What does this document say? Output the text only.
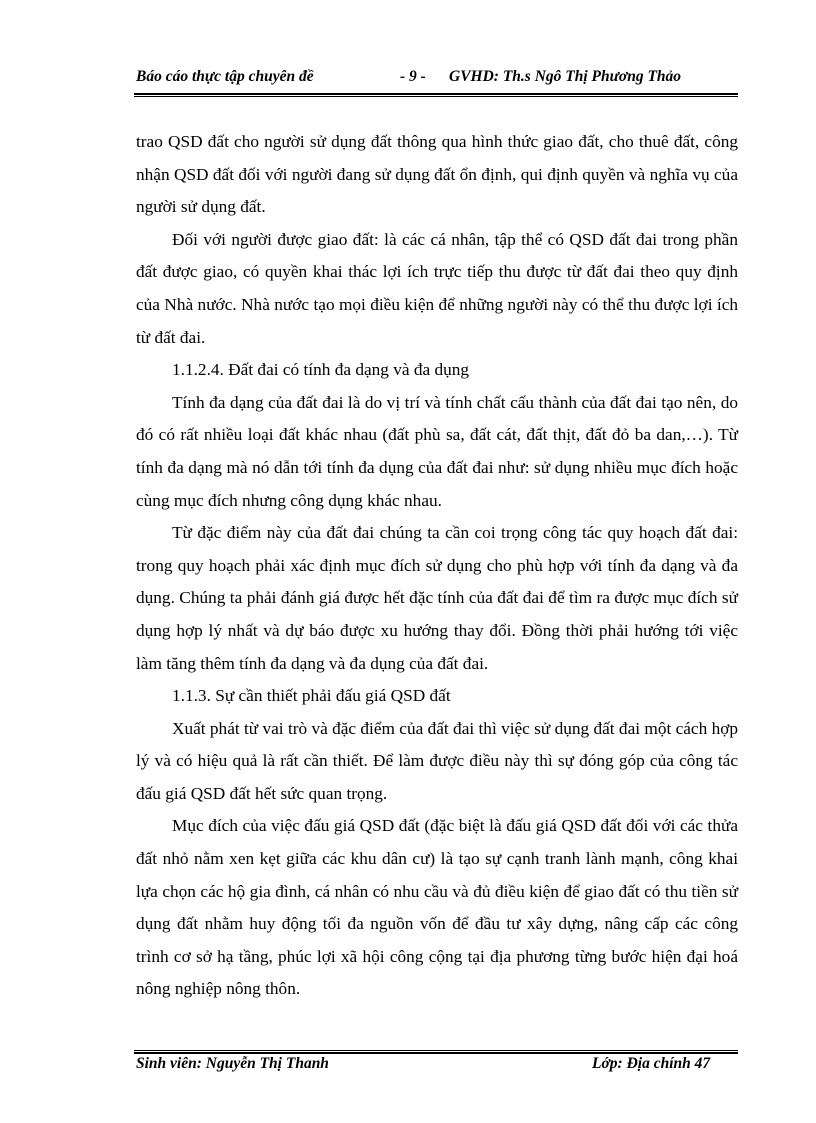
Báo cáo thực tập chuyên đề	- 9 - GVHD: Th.s Ngô Thị Phương Thảo

trao QSD đất cho người sử dụng đất thông qua hình thức giao đất, cho thuê đất, công nhận QSD đất đối với người đang sử dụng đất ổn định, qui định quyền và nghĩa vụ của người sử dụng đất.

Đối với người được giao đất: là các cá nhân, tập thể có QSD đất đai trong phần đất được giao, có quyền khai thác lợi ích trực tiếp thu được từ đất đai theo quy định của Nhà nước. Nhà nước tạo mọi điều kiện để những người này có thể thu được lợi ích từ đất đai.

1.1.2.4. Đất đai có tính đa dạng và đa dụng

Tính đa dạng của đất đai là do vị trí và tính chất cấu thành của đất đai tạo nên, do đó có rất nhiều loại đất khác nhau (đất phù sa, đất cát, đất thịt, đất đỏ ba dan,…). Từ tính đa dạng mà nó dẫn tới tính đa dụng của đất đai như: sử dụng nhiều mục đích hoặc cùng mục đích nhưng công dụng khác nhau.

Từ đặc điểm này của đất đai chúng ta cần coi trọng công tác quy hoạch đất đai: trong quy hoạch phải xác định mục đích sử dụng cho phù hợp với tính đa dạng và đa dụng. Chúng ta phải đánh giá được hết đặc tính của đất đai để tìm ra được mục đích sử dụng hợp lý nhất và dự báo được xu hướng thay đổi. Đồng thời phải hướng tới việc làm tăng thêm tính đa dạng và đa dụng của đất đai.

1.1.3. Sự cần thiết phải đấu giá QSD đất

Xuất phát từ vai trò và đặc điểm của đất đai thì việc sử dụng đất đai một cách hợp lý và có hiệu quả là rất cần thiết. Để làm được điều này thì sự đóng góp của công tác đấu giá QSD đất hết sức quan trọng.

Mục đích của việc đấu giá QSD đất (đặc biệt là đấu giá QSD đất đối với các thửa đất nhỏ nằm xen kẹt giữa các khu dân cư) là tạo sự cạnh tranh lành mạnh, công khai lựa chọn các hộ gia đình, cá nhân có nhu cầu và đủ điều kiện để giao đất có thu tiền sử dụng đất nhằm huy động tối đa nguồn vốn để đầu tư xây dựng, nâng cấp các công trình cơ sở hạ tầng, phúc lợi xã hội công cộng tại địa phương từng bước hiện đại hoá nông nghiệp nông thôn.

Sinh viên: Nguyễn Thị Thanh	Lớp: Địa chính 47
